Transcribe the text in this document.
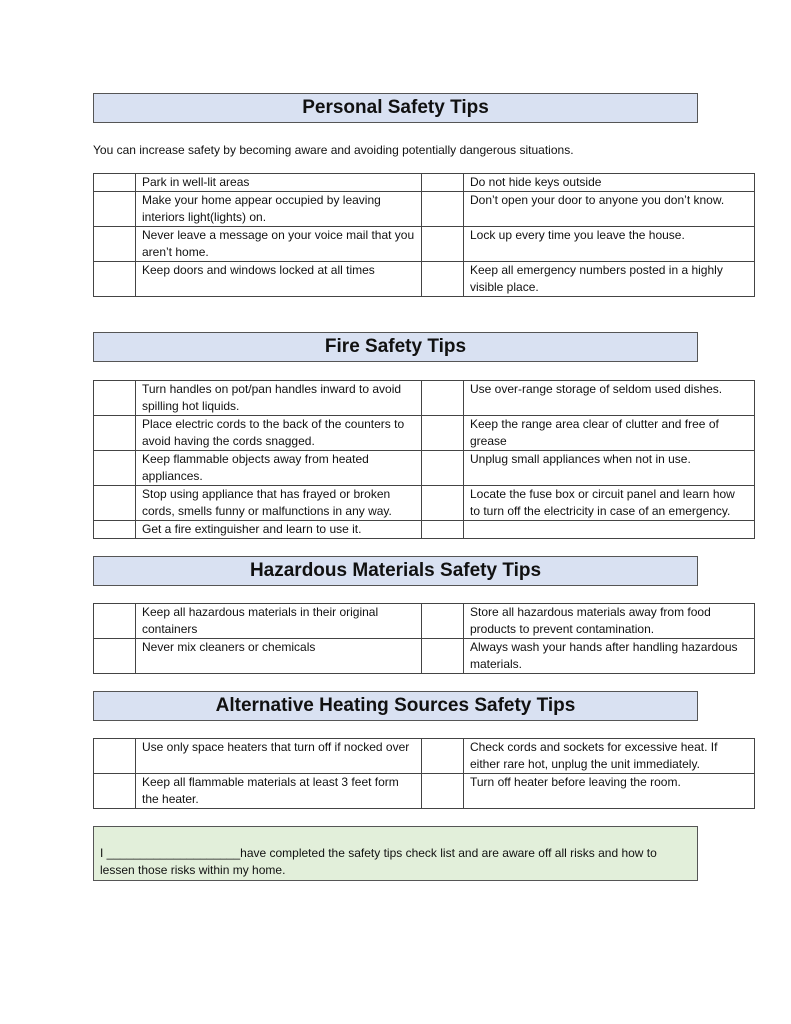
Personal Safety Tips
You can increase safety by becoming aware and avoiding potentially dangerous situations.
	Park in well-lit areas		Do not hide keys outside
	Make your home appear occupied by leaving interiors light(lights) on.		Don’t open your door to anyone you don’t know.
	Never leave a message on your voice mail that you aren’t home.		Lock up every time you leave the house.
	Keep doors and windows locked at all times		Keep all emergency numbers posted in a highly visible place.
Fire Safety Tips
	Turn handles on pot/pan handles inward to avoid spilling hot liquids.		Use over-range storage of seldom used dishes.
	Place electric cords to the back of the counters to avoid having the cords snagged.		Keep the range area clear of clutter and free of grease
	Keep flammable objects away from heated appliances.		Unplug small appliances when not in use.
	Stop using appliance that has frayed or broken cords, smells funny or malfunctions in any way.		Locate the fuse box or circuit panel and learn how to turn off the electricity in case of an emergency.
	Get a fire extinguisher and learn to use it.		
Hazardous Materials Safety Tips
	Keep all hazardous materials in their original containers		Store all hazardous materials away from food products to prevent contamination.
	Never mix cleaners or chemicals		Always wash your hands after handling hazardous materials.
Alternative Heating Sources Safety Tips
	Use only space heaters that turn off if nocked over		Check cords and sockets for excessive heat. If either rare hot, unplug the unit immediately.
	Keep all flammable materials at least 3 feet form the heater.		Turn off heater before leaving the room.
I ____________________have completed the safety tips check list and are aware off all risks and how to lessen those risks within my home.
